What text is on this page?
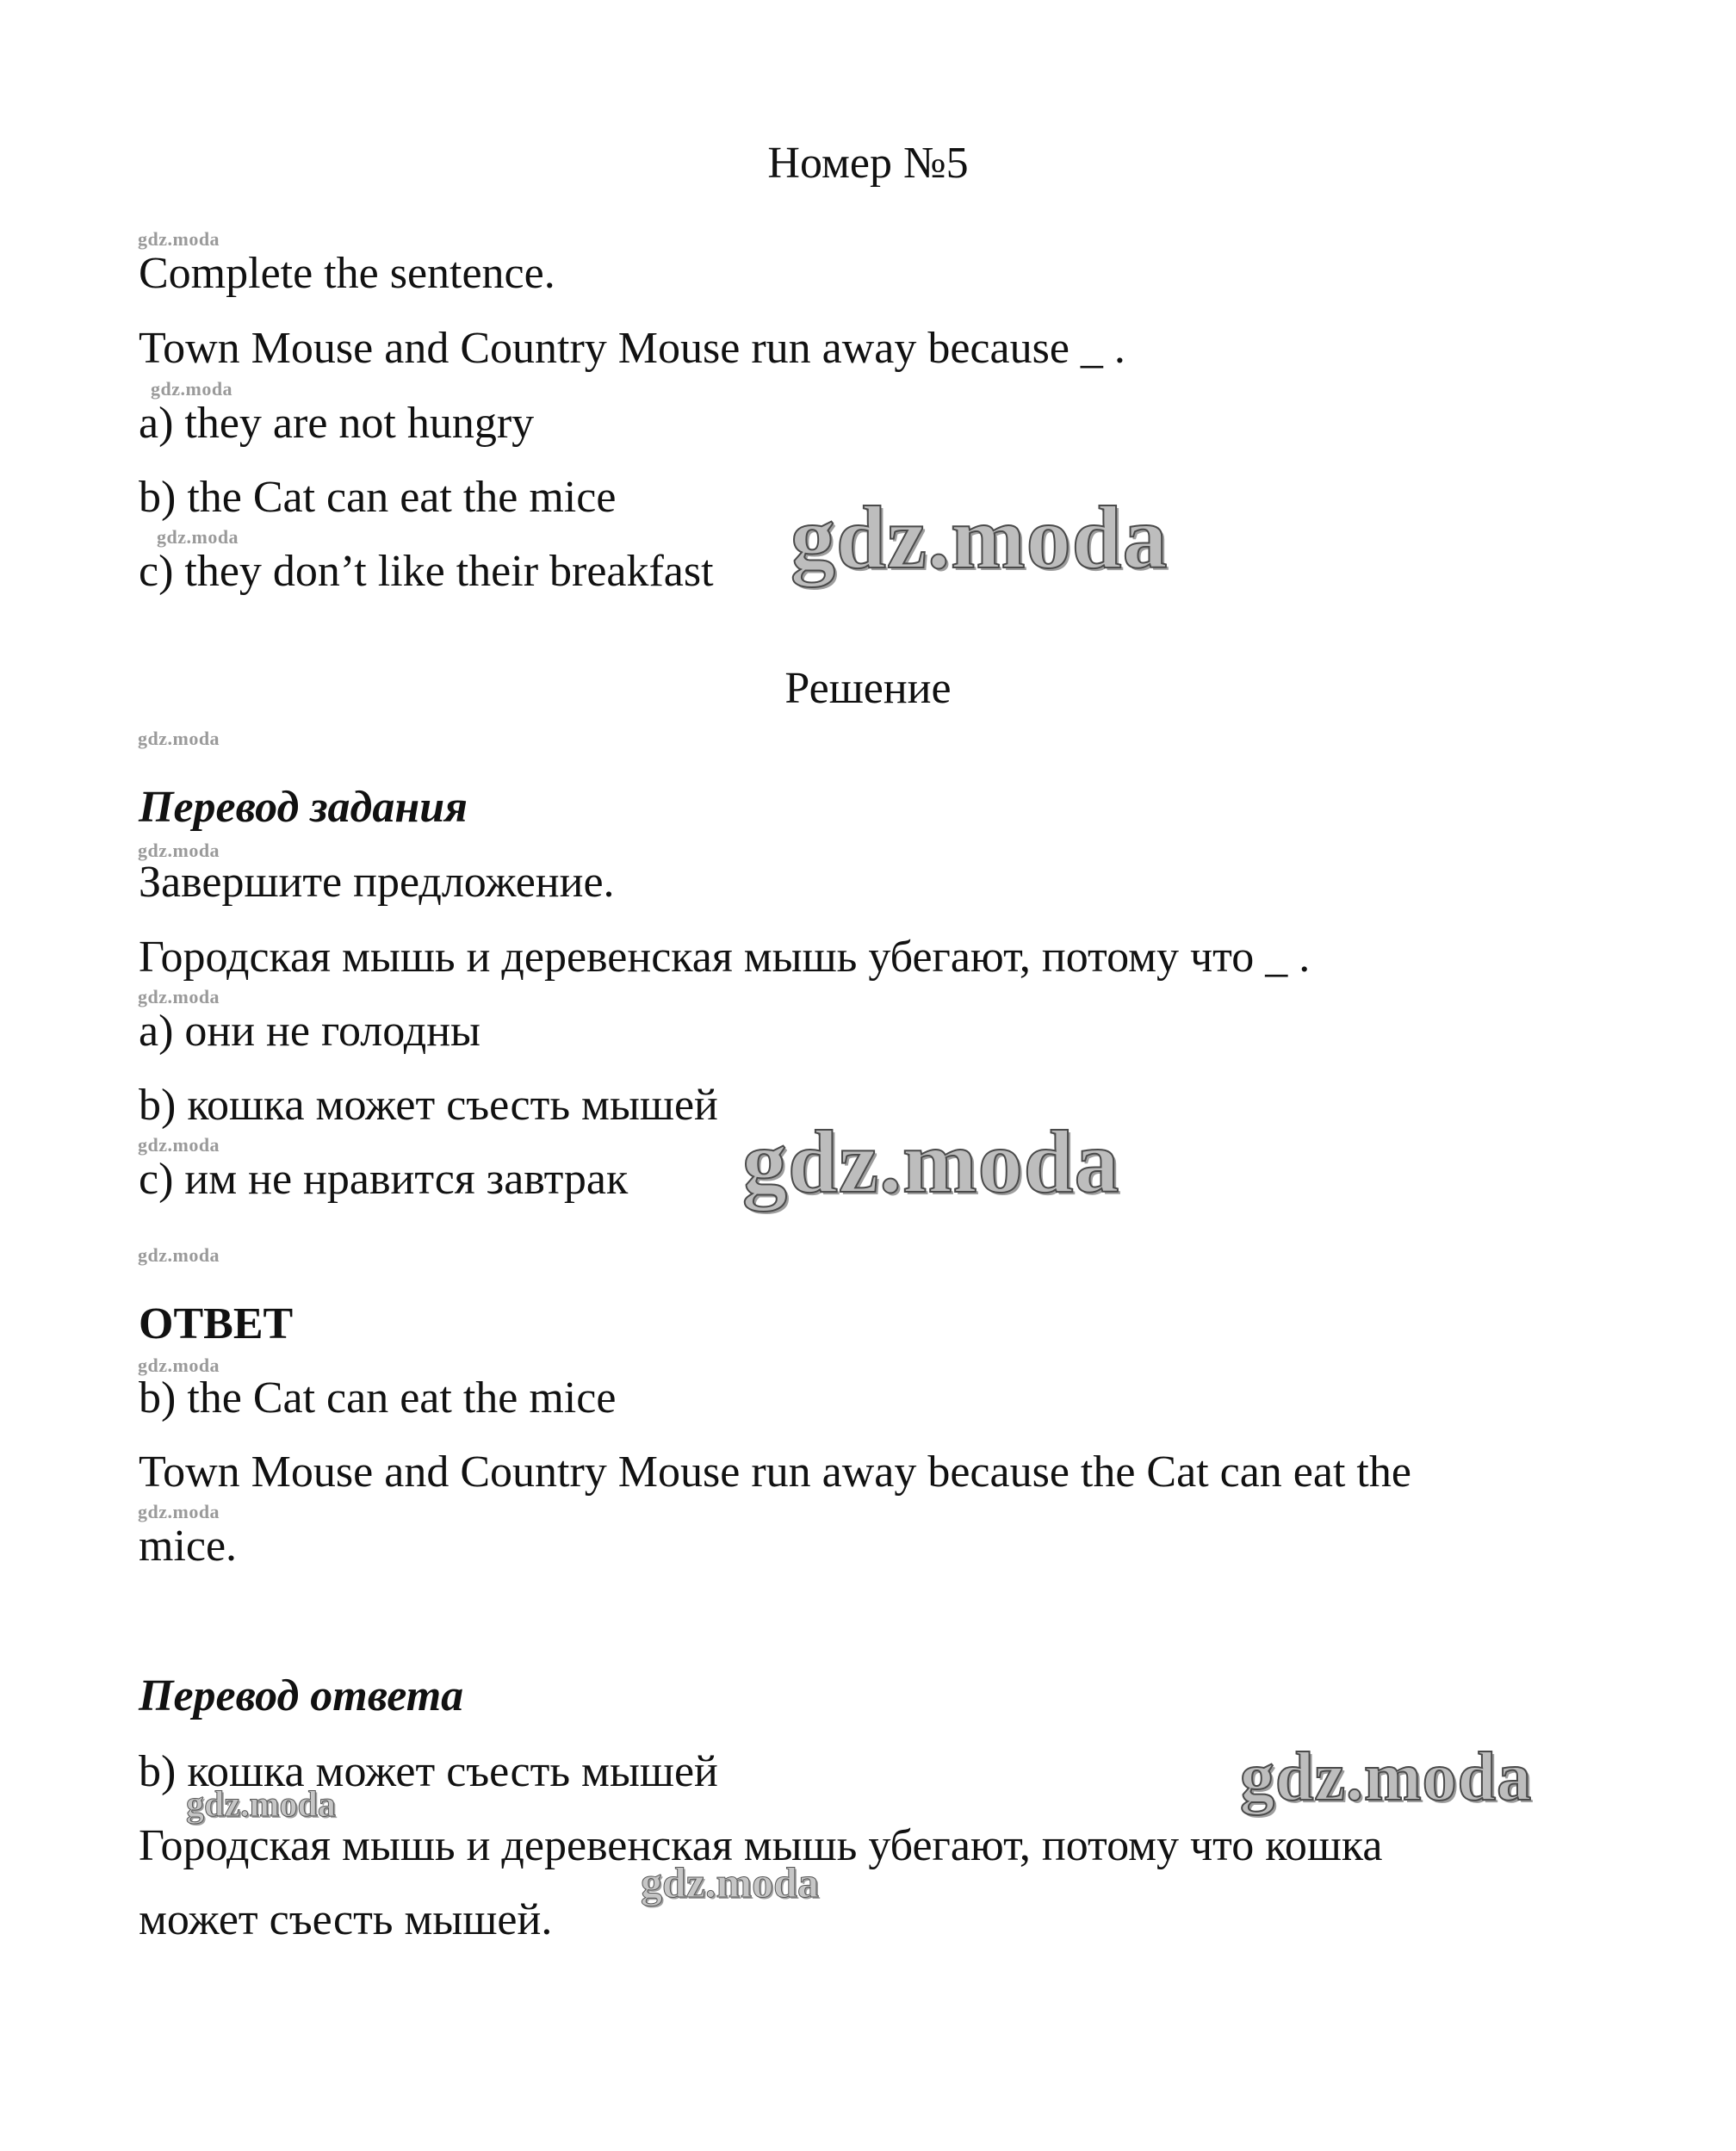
Номер №5

gdz.moda

Complete the sentence.

Town Mouse and Country Mouse run away because _ .

gdz.moda

a) they are not hungry

b) the Cat can eat the mice

gdz.moda

c) they don’t like their breakfast gdz.moda

Решение

gdz.moda

Перевод задания

gdz.moda

Завершите предложение.

Городская мышь и деревенская мышь убегают, потому что _ .

gdz.moda

а) они не голодны

b) кошка может съесть мышей

gdz.moda

c) им не нравится завтрак gdz.moda
gdz.moda

ОТВЕТ

gdz.moda

b) the Cat can eat the mice

Town Mouse and Country Mouse run away because the Cat can eat the

gdz.moda

mice.

Перевод ответа

b) кошка может съесть мышей

gdz.moda	gdz.moda

Городская мышь и деревенская мышь убегают, потому что кошка

gdz.moda

может съесть мышей.
